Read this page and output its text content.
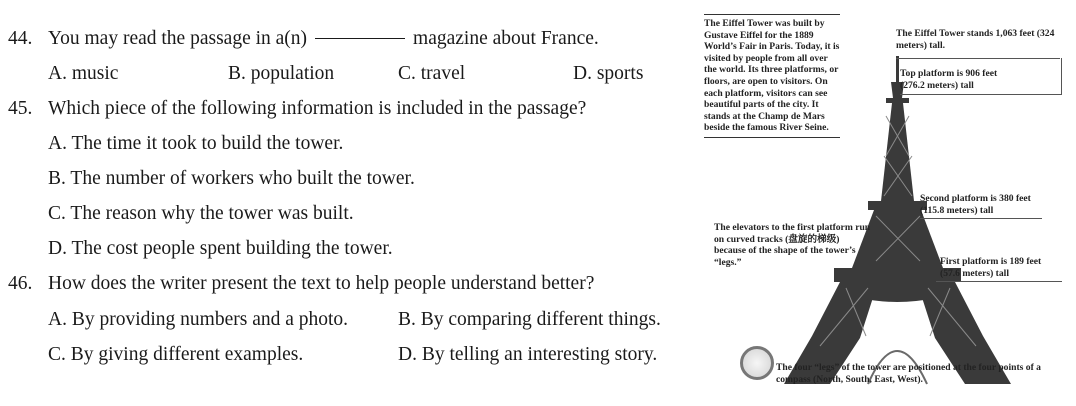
44. You may read the passage in a(n)	magazine about France.
A. music	B. population	C. travel	D. sports
45. Which piece of the following information is included in the passage?
A. The time it took to build the tower.
B. The number of workers who built the tower.
C. The reason why the tower was built.
D. The cost people spent building the tower.
46. How does the writer present the text to help people understand better?
A. By providing numbers and a photo.	B. By comparing different things.
C. By giving different examples.	D. By telling an interesting story.
The Eiffel Tower was built by Gustave Eiffel for the 1889 World’s Fair in Paris. Today, it is visited by people from all over the world. Its three platforms, or floors, are open to visitors. On each platform, visitors can see beautiful parts of the city. It stands at the Champ de Mars beside the famous River Seine.
The Eiffel Tower stands 1,063 feet (324 meters) tall.
Top platform is 906 feet (276.2 meters) tall
Second platform is 380 feet (115.8 meters) tall
First platform is 189 feet (57.6 meters) tall
The elevators to the first platform run on curved tracks (盘旋的梯级) because of the shape of the tower’s “legs.”
The four “legs” of the tower are positioned at the four points of a compass (North, South, East, West).
